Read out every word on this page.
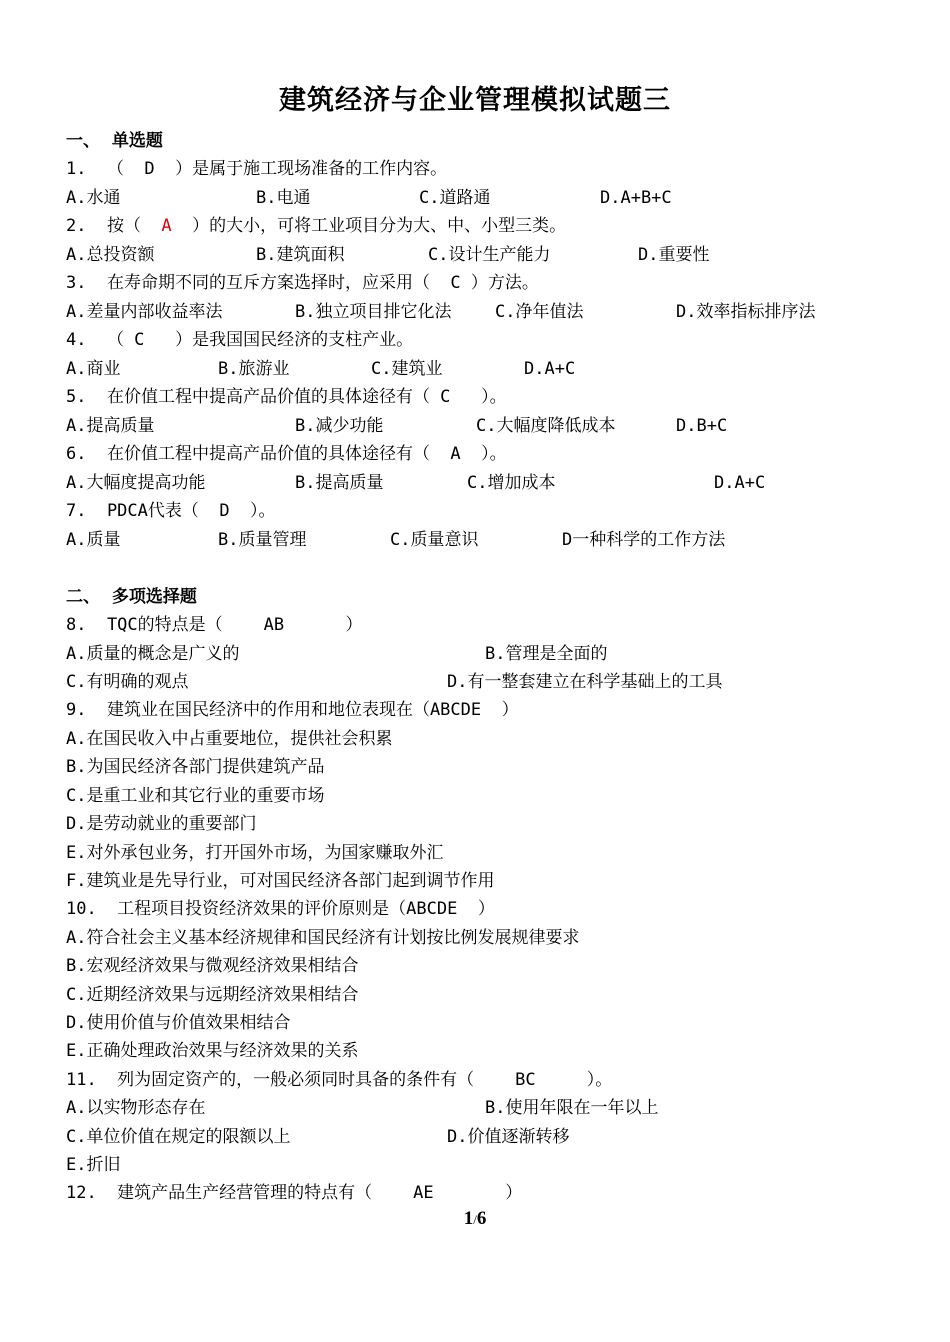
建筑经济与企业管理模拟试题三
一、  单选题
1.  （  D  ）是属于施工现场准备的工作内容。

A.水通

	B.电通

	C.道路通

	D.A+B+C

2.  按（  A  ）的大小，可将工业项目分为大、中、小型三类。

A.总投资额

	B.建筑面积

	C.设计生产能力

	D.重要性

3.  在寿命期不同的互斥方案选择时，应采用（  C ）方法。

A.差量内部收益率法

	B.独立项目排它化法

	C.净年值法

	D.效率指标排序法

4.  （ C   ）是我国国民经济的支柱产业。

A.商业

	B.旅游业

	C.建筑业

	D.A+C

5.  在价值工程中提高产品价值的具体途径有（ C   ）。

A.提高质量

	B.减少功能

	C.大幅度降低成本

	D.B+C

6.  在价值工程中提高产品价值的具体途径有（  A  ）。

A.大幅度提高功能

	B.提高质量

	C.增加成本

	D.A+C

7.  PDCA代表（  D  ）。

A.质量

	B.质量管理

	C.质量意识

	D一种科学的工作方法

二、  多项选择题
8.  TQC的特点是（    AB      ）

A.质量的概念是广义的

	B.管理是全面的

C.有明确的观点

	D.有一整套建立在科学基础上的工具

9.  建筑业在国民经济中的作用和地位表现在（ABCDE  ）
A.在国民收入中占重要地位，提供社会积累
B.为国民经济各部门提供建筑产品
C.是重工业和其它行业的重要市场
D.是劳动就业的重要部门
E.对外承包业务，打开国外市场，为国家赚取外汇
F.建筑业是先导行业，可对国民经济各部门起到调节作用
10.  工程项目投资经济效果的评价原则是（ABCDE  ）
A.符合社会主义基本经济规律和国民经济有计划按比例发展规律要求
B.宏观经济效果与微观经济效果相结合
C.近期经济效果与远期经济效果相结合
D.使用价值与价值效果相结合
E.正确处理政治效果与经济效果的关系
11.  列为固定资产的，一般必须同时具备的条件有（    BC     ）。

A.以实物形态存在

	B.使用年限在一年以上

C.单位价值在规定的限额以上

	D.价值逐渐转移

E.折旧
12.  建筑产品生产经营管理的特点有（    AE       ）
1/6
